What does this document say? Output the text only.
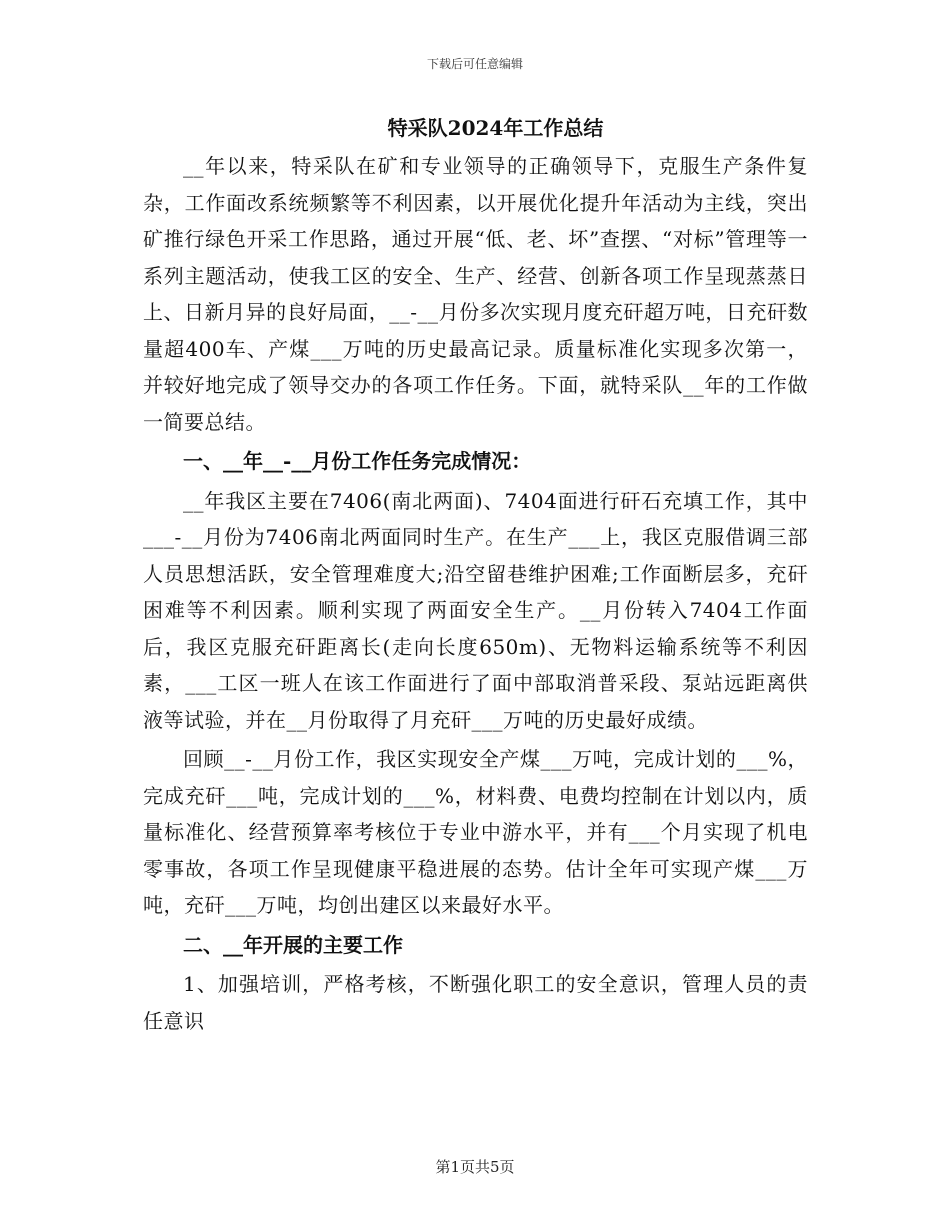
下载后可任意编辑
特采队2024年工作总结

__年以来，特采队在矿和专业领导的正确领导下，克服生产条件复杂，工作面改系统频繁等不利因素，以开展优化提升年活动为主线，突出矿推行绿色开采工作思路，通过开展“低、老、坏”查摆、“对标”管理等一系列主题活动，使我工区的安全、生产、经营、创新各项工作呈现蒸蒸日上、日新月异的良好局面，__-__月份多次实现月度充矸超万吨，日充矸数量超400车、产煤___万吨的历史最高记录。质量标准化实现多次第一，并较好地完成了领导交办的各项工作任务。下面，就特采队__年的工作做一简要总结。

一、__年__-__月份工作任务完成情况：

__年我区主要在7406(南北两面)、7404面进行矸石充填工作，其中___-__月份为7406南北两面同时生产。在生产___上，我区克服借调三部人员思想活跃，安全管理难度大;沿空留巷维护困难;工作面断层多，充矸困难等不利因素。顺利实现了两面安全生产。__月份转入7404工作面后，我区克服充矸距离长(走向长度650m)、无物料运输系统等不利因素，___工区一班人在该工作面进行了面中部取消普采段、泵站远距离供液等试验，并在__月份取得了月充矸___万吨的历史最好成绩。

回顾__-__月份工作，我区实现安全产煤___万吨，完成计划的___%，完成充矸___吨，完成计划的___%，材料费、电费均控制在计划以内，质量标准化、经营预算率考核位于专业中游水平，并有___个月实现了机电零事故，各项工作呈现健康平稳进展的态势。估计全年可实现产煤___万吨，充矸___万吨，均创出建区以来最好水平。

二、__年开展的主要工作

1、加强培训，严格考核，不断强化职工的安全意识，管理人员的责任意识

第1页共5页
